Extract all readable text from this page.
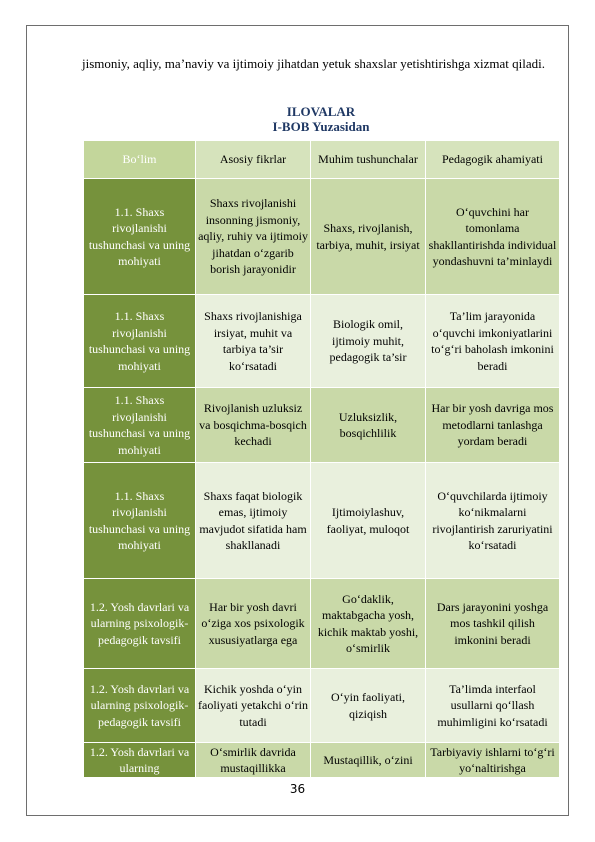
jismoniy, aqliy, ma’naviy va ijtimoiy jihatdan yetuk shaxslar yetishtirishga xizmat qiladi.

ILOVALAR
I-BOB Yuzasidan
Bo‘lim	Asosiy fikrlar	Muhim tushunchalar	Pedagogik ahamiyati
1.1. Shaxs rivojlanishi tushunchasi va uning mohiyati	Shaxs rivojlanishi insonning jismoniy, aqliy, ruhiy va ijtimoiy jihatdan o‘zgarib borish jarayonidir	Shaxs, rivojlanish, tarbiya, muhit, irsiyat	O‘quvchini har tomonlama shakllantirishda individual yondashuvni ta’minlaydi
1.1. Shaxs rivojlanishi tushunchasi va uning mohiyati	Shaxs rivojlanishiga irsiyat, muhit va tarbiya ta’sir ko‘rsatadi	Biologik omil, ijtimoiy muhit, pedagogik ta’sir	Ta’lim jarayonida o‘quvchi imkoniyatlarini to‘g‘ri baholash imkonini beradi
1.1. Shaxs rivojlanishi tushunchasi va uning mohiyati	Rivojlanish uzluksiz va bosqichma-bosqich kechadi	Uzluksizlik, bosqichlilik	Har bir yosh davriga mos metodlarni tanlashga yordam beradi
1.1. Shaxs rivojlanishi tushunchasi va uning mohiyati	Shaxs faqat biologik emas, ijtimoiy mavjudot sifatida ham shakllanadi	Ijtimoiylashuv, faoliyat, muloqot	O‘quvchilarda ijtimoiy ko‘nikmalarni rivojlantirish zaruriyatini ko‘rsatadi
1.2. Yosh davrlari va ularning psixologik-pedagogik tavsifi	Har bir yosh davri o‘ziga xos psixologik xususiyatlarga ega	Go‘daklik, maktabgacha yosh, kichik maktab yoshi, o‘smirlik	Dars jarayonini yoshga mos tashkil qilish imkonini beradi
1.2. Yosh davrlari va ularning psixologik-pedagogik tavsifi	Kichik yoshda o‘yin faoliyati yetakchi o‘rin tutadi	O‘yin faoliyati, qiziqish	Ta’limda interfaol usullarni qo‘llash muhimligini ko‘rsatadi
1.2. Yosh davrlari va ularning	O‘smirlik davrida mustaqillikka	Mustaqillik, o‘zini	Tarbiyaviy ishlarni to‘g‘ri yo‘naltirishga
36
